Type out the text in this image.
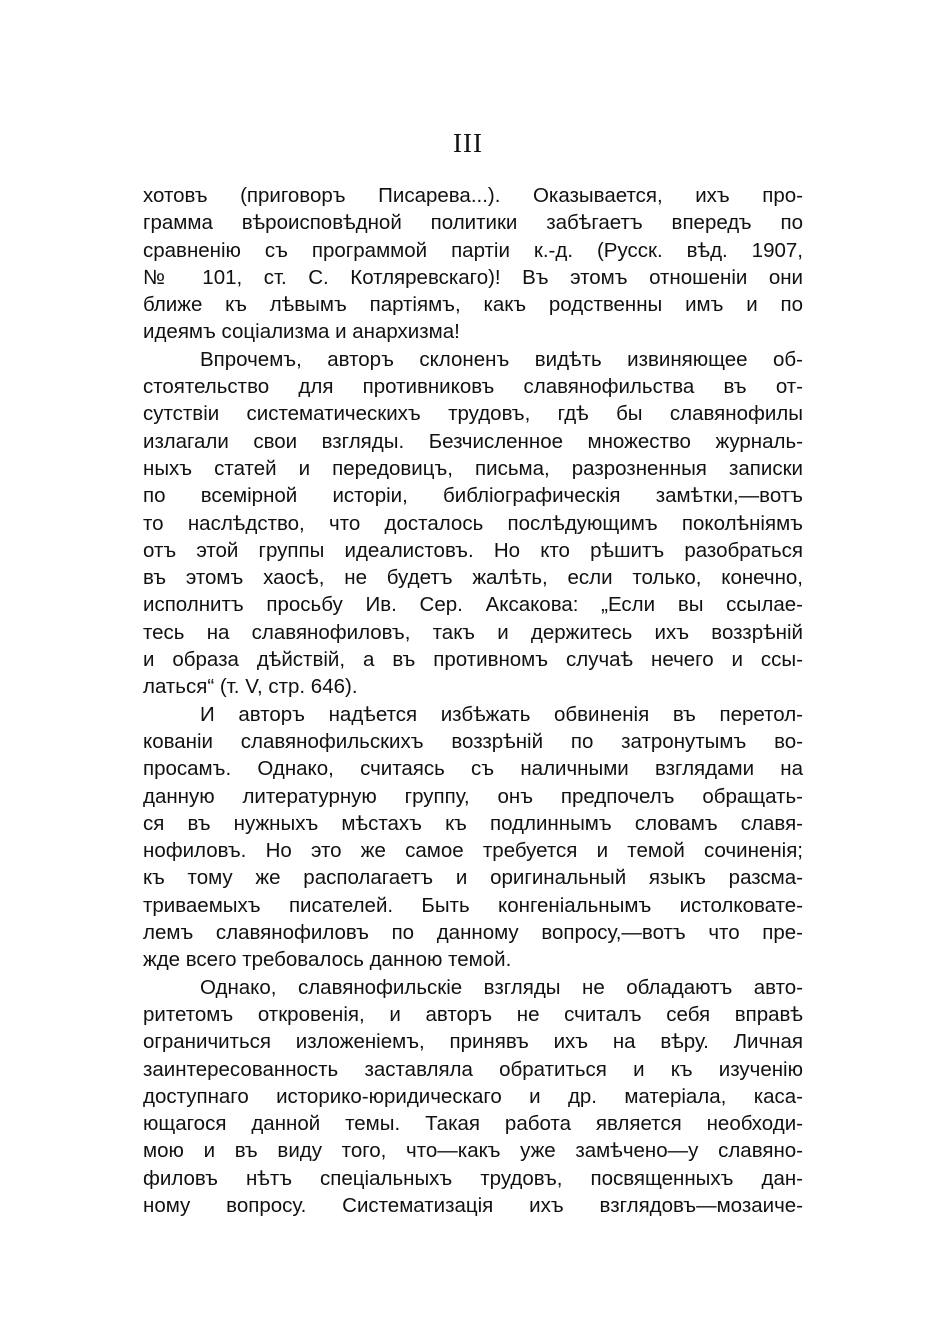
III
хотовъ (приговоръ Писарева...). Оказывается, ихъ про-
грамма вѣроисповѣдной политики забѣгаетъ впередъ по
сравненію съ программой партіи к.-д. (Русск. вѣд. 1907,
№ 101, ст. С. Котляревскаго)! Въ этомъ отношеніи они
ближе къ лѣвымъ партіямъ, какъ родственны имъ и по
идеямъ соціализма и анархизма!
Впрочемъ, авторъ склоненъ видѣть извиняющее об-
стоятельство для противниковъ славянофильства въ от-
сутствіи систематическихъ трудовъ, гдѣ бы славянофилы
излагали свои взгляды. Безчисленное множество журналь-
ныхъ статей и передовицъ, письма, разрозненныя записки
по всемірной исторіи, библіографическія замѣтки,—вотъ
то наслѣдство, что досталось послѣдующимъ поколѣніямъ
отъ этой группы идеалистовъ. Но кто рѣшитъ разобраться
въ этомъ хаосѣ, не будетъ жалѣть, если только, конечно,
исполнитъ просьбу Ив. Сер. Аксакова: „Если вы ссылае-
тесь на славянофиловъ, такъ и держитесь ихъ воззрѣній
и образа дѣйствій, а въ противномъ случаѣ нечего и ссы-
латься“ (т. V, стр. 646).
И авторъ надѣется избѣжать обвиненія въ перетол-
кованіи славянофильскихъ воззрѣній по затронутымъ во-
просамъ. Однако, считаясь съ наличными взглядами на
данную литературную группу, онъ предпочелъ обращать-
ся въ нужныхъ мѣстахъ къ подлиннымъ словамъ славя-
нофиловъ. Но это же самое требуется и темой сочиненія;
къ тому же располагаетъ и оригинальный языкъ разсма-
триваемыхъ писателей. Быть конгеніальнымъ истолковате-
лемъ славянофиловъ по данному вопросу,—вотъ что пре-
жде всего требовалось данною темой.
Однако, славянофильскіе взгляды не обладаютъ авто-
ритетомъ откровенія, и авторъ не считалъ себя вправѣ
ограничиться изложеніемъ, принявъ ихъ на вѣру. Личная
заинтересованность заставляла обратиться и къ изученію
доступнаго историко-юридическаго и др. матеріала, каса-
ющагося данной темы. Такая работа является необходи-
мою и въ виду того, что—какъ уже замѣчено—у славяно-
филовъ нѣтъ спеціальныхъ трудовъ, посвященныхъ дан-
ному вопросу. Систематизація ихъ взглядовъ—мозаиче-
